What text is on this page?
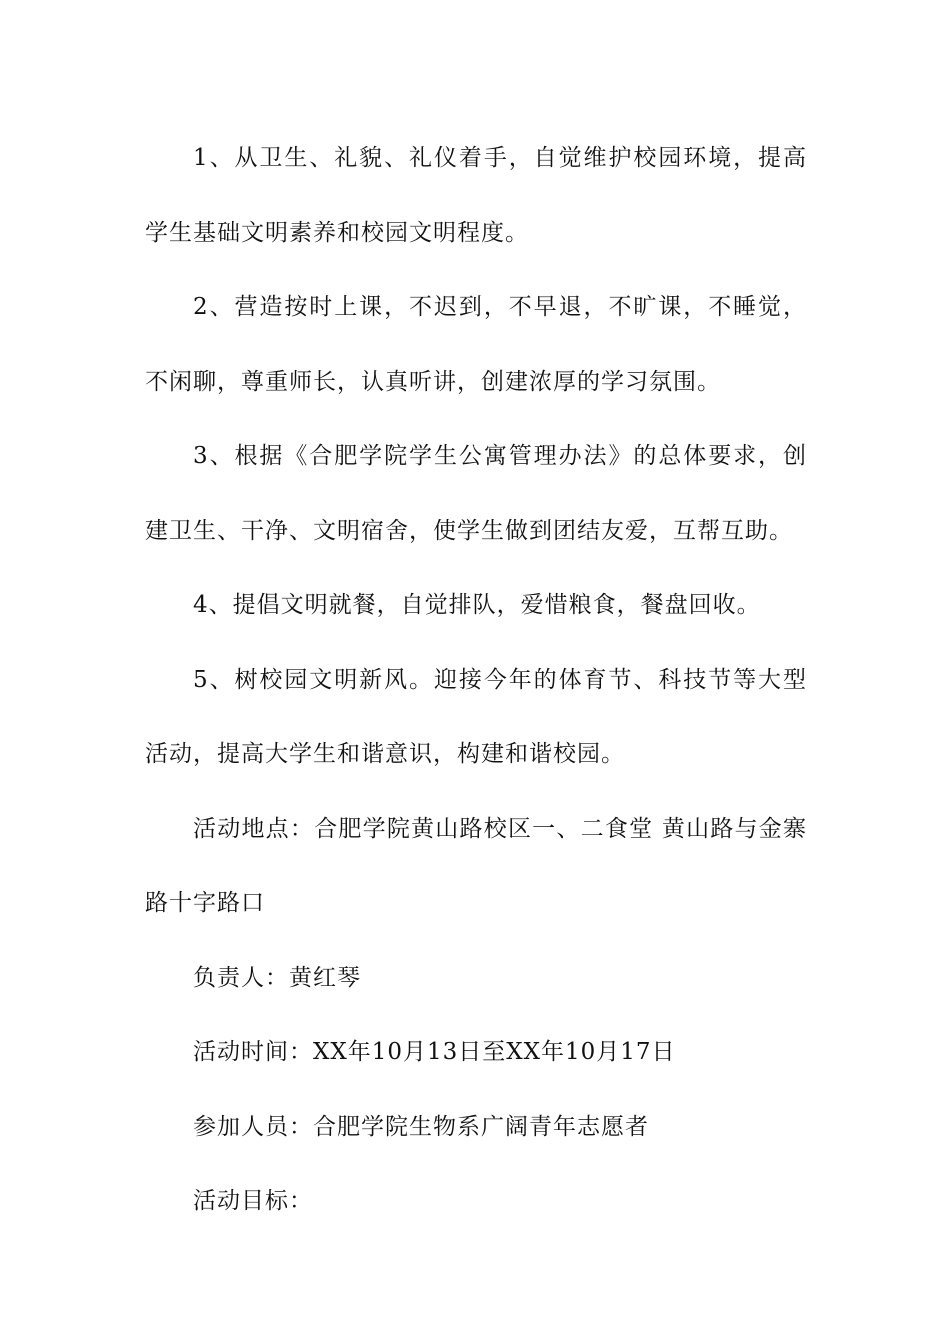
1、从卫生、礼貌、礼仪着手，自觉维护校园环境，提高学生基础文明素养和校园文明程度。

2、营造按时上课，不迟到，不早退，不旷课，不睡觉，不闲聊，尊重师长，认真听讲，创建浓厚的学习氛围。

3、根据《合肥学院学生公寓管理办法》的总体要求，创建卫生、干净、文明宿舍，使学生做到团结友爱，互帮互助。

4、提倡文明就餐，自觉排队，爱惜粮食，餐盘回收。

5、树校园文明新风。迎接今年的体育节、科技节等大型活动，提高大学生和谐意识，构建和谐校园。

活动地点：合肥学院黄山路校区一、二食堂 黄山路与金寨路十字路口

负责人：黄红琴

活动时间：XX年10月13日至XX年10月17日

参加人员：合肥学院生物系广阔青年志愿者

活动目标：
